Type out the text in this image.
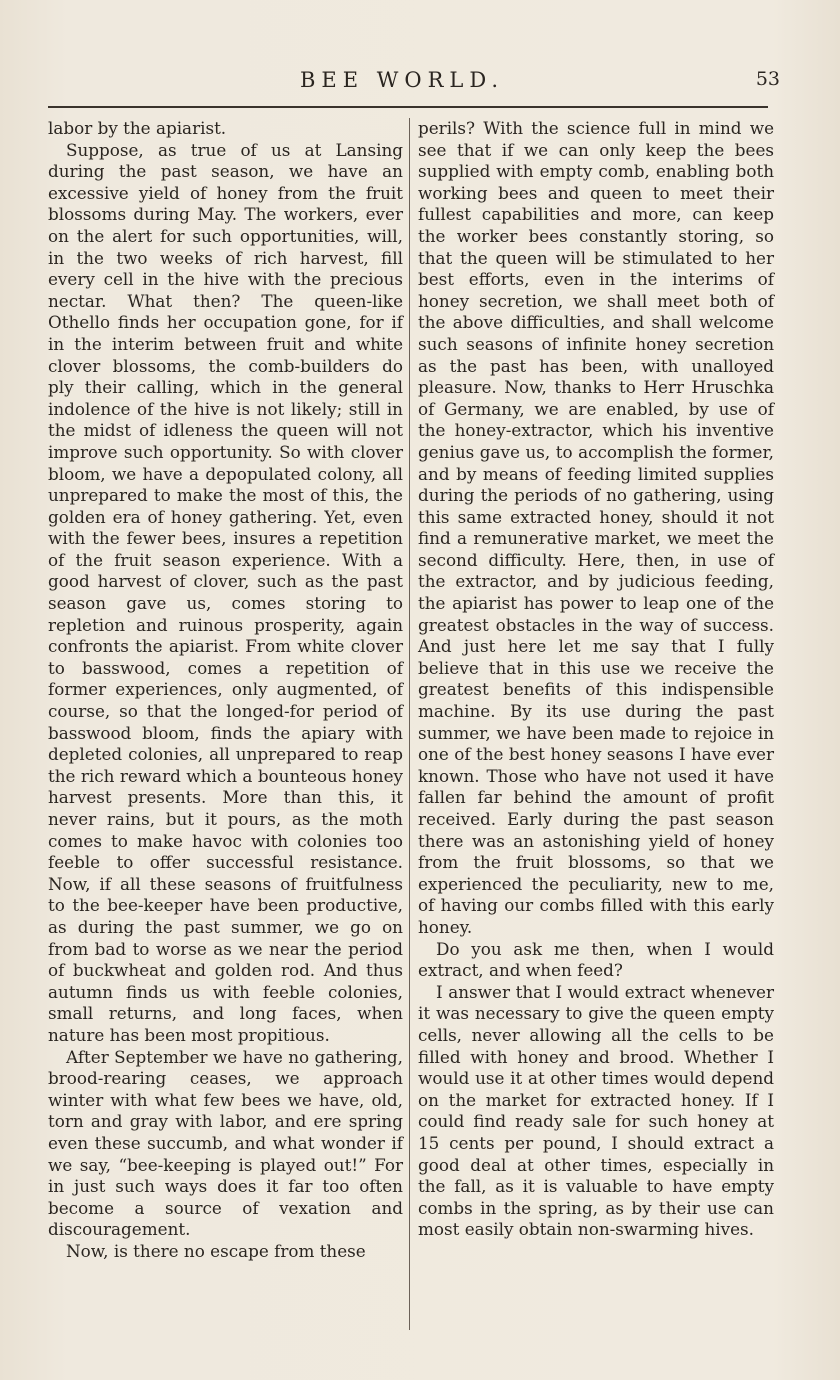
BEE WORLD.	53

labor by the apiarist.

Suppose, as true of us at Lansing during the past season, we have an excessive yield of honey from the fruit blossoms during May. The workers, ever on the alert for such opportunities, will, in the two weeks of rich harvest, fill every cell in the hive with the precious nectar. What then? The queen-like Othello finds her occupation gone, for if in the interim between fruit and white clover blossoms, the comb-builders do ply their calling, which in the general indolence of the hive is not likely; still in the midst of idleness the queen will not improve such opportunity. So with clover bloom, we have a depopulated colony, all unprepared to make the most of this, the golden era of honey gathering. Yet, even with the fewer bees, insures a repetition of the fruit season experience. With a good harvest of clover, such as the past season gave us, comes storing to repletion and ruinous prosperity, again confronts the apiarist. From white clover to basswood, comes a repetition of former experiences, only augmented, of course, so that the longed-for period of basswood bloom, finds the apiary with depleted colonies, all unprepared to reap the rich reward which a bounteous honey harvest presents. More than this, it never rains, but it pours, as the moth comes to make havoc with colonies too feeble to offer successful resistance. Now, if all these seasons of fruitfulness to the bee-keeper have been productive, as during the past summer, we go on from bad to worse as we near the period of buckwheat and golden rod. And thus autumn finds us with feeble colonies, small returns, and long faces, when nature has been most propitious.

After September we have no gathering, brood-rearing ceases, we approach winter with what few bees we have, old, torn and gray with labor, and ere spring even these succumb, and what wonder if we say, “bee-keeping is played out!” For in just such ways does it far too often become a source of vexation and discouragement.

Now, is there no escape from these

perils? With the science full in mind we see that if we can only keep the bees supplied with empty comb, enabling both working bees and queen to meet their fullest capabilities and more, can keep the worker bees constantly storing, so that the queen will be stimulated to her best efforts, even in the interims of honey secretion, we shall meet both of the above difficulties, and shall welcome such seasons of infinite honey secretion as the past has been, with unalloyed pleasure. Now, thanks to Herr Hruschka of Germany, we are enabled, by use of the honey-extractor, which his inventive genius gave us, to accomplish the former, and by means of feeding limited supplies during the periods of no gathering, using this same extracted honey, should it not find a remunerative market, we meet the second difficulty. Here, then, in use of the extractor, and by judicious feeding, the apiarist has power to leap one of the greatest obstacles in the way of success. And just here let me say that I fully believe that in this use we receive the greatest benefits of this indispensible machine. By its use during the past summer, we have been made to rejoice in one of the best honey seasons I have ever known. Those who have not used it have fallen far behind the amount of profit received. Early during the past season there was an astonishing yield of honey from the fruit blossoms, so that we experienced the peculiarity, new to me, of having our combs filled with this early honey.

Do you ask me then, when I would extract, and when feed?

I answer that I would extract whenever it was necessary to give the queen empty cells, never allowing all the cells to be filled with honey and brood. Whether I would use it at other times would depend on the market for extracted honey. If I could find ready sale for such honey at 15 cents per pound, I should extract a good deal at other times, especially in the fall, as it is valuable to have empty combs in the spring, as by their use can most easily obtain non-swarming hives.
